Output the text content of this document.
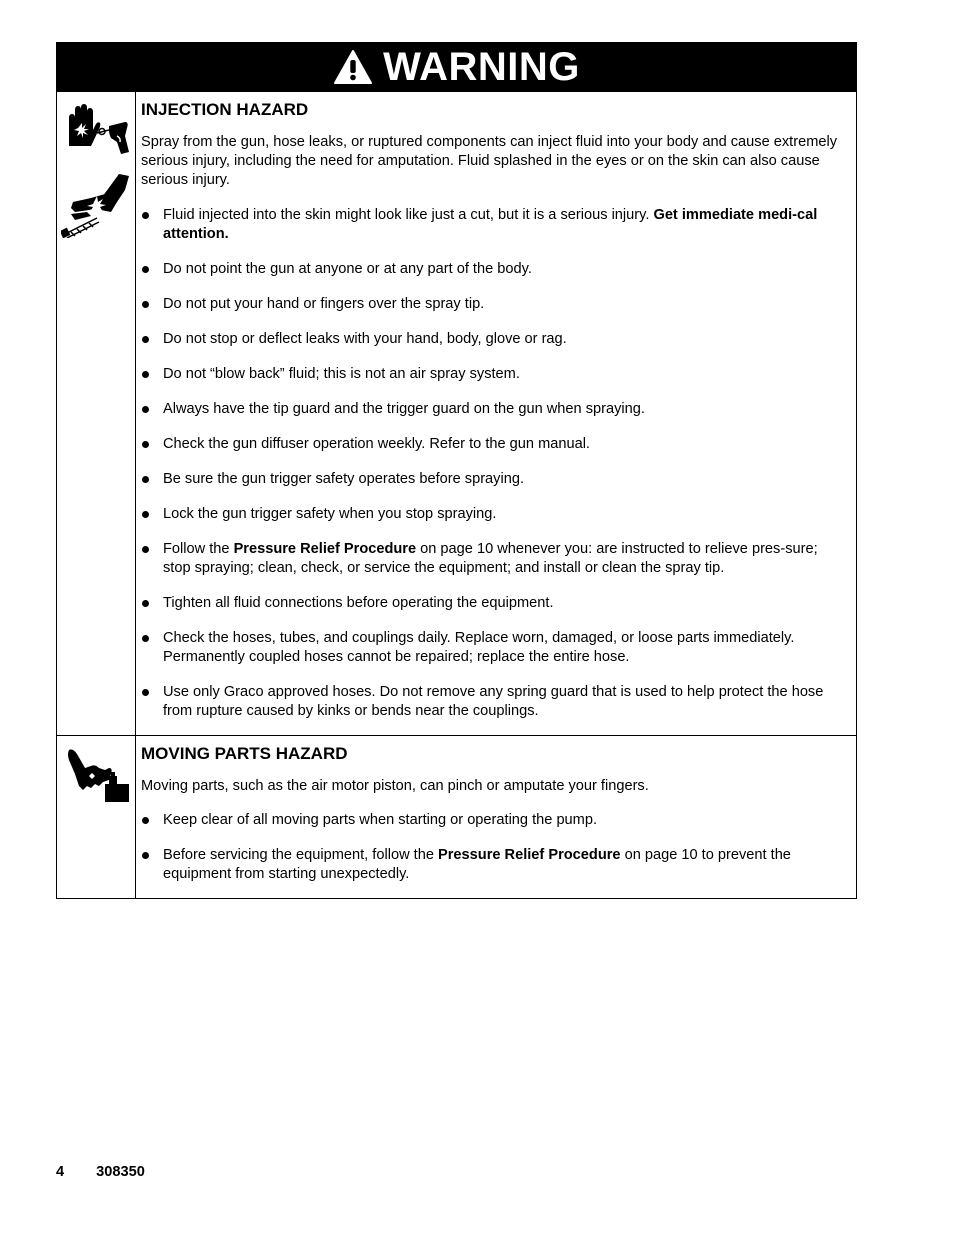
WARNING
INJECTION HAZARD

Spray from the gun, hose leaks, or ruptured components can inject fluid into your body and cause extremely serious injury, including the need for amputation. Fluid splashed in the eyes or on the skin can also cause serious injury.

Fluid injected into the skin might look like just a cut, but it is a serious injury. Get immediate medi-cal attention.
Do not point the gun at anyone or at any part of the body.
Do not put your hand or fingers over the spray tip.
Do not stop or deflect leaks with your hand, body, glove or rag.
Do not “blow back” fluid; this is not an air spray system.
Always have the tip guard and the trigger guard on the gun when spraying.
Check the gun diffuser operation weekly. Refer to the gun manual.
Be sure the gun trigger safety operates before spraying.
Lock the gun trigger safety when you stop spraying.
Follow the Pressure Relief Procedure on page 10 whenever you: are instructed to relieve pres-sure; stop spraying; clean, check, or service the equipment; and install or clean the spray tip.
Tighten all fluid connections before operating the equipment.
Check the hoses, tubes, and couplings daily. Replace worn, damaged, or loose parts immediately. Permanently coupled hoses cannot be repaired; replace the entire hose.
Use only Graco approved hoses. Do not remove any spring guard that is used to help protect the hose from rupture caused by kinks or bends near the couplings.
MOVING PARTS HAZARD

Moving parts, such as the air motor piston, can pinch or amputate your fingers.

Keep clear of all moving parts when starting or operating the pump.
Before servicing the equipment, follow the Pressure Relief Procedure on page 10 to prevent the equipment from starting unexpectedly.
4 308350
